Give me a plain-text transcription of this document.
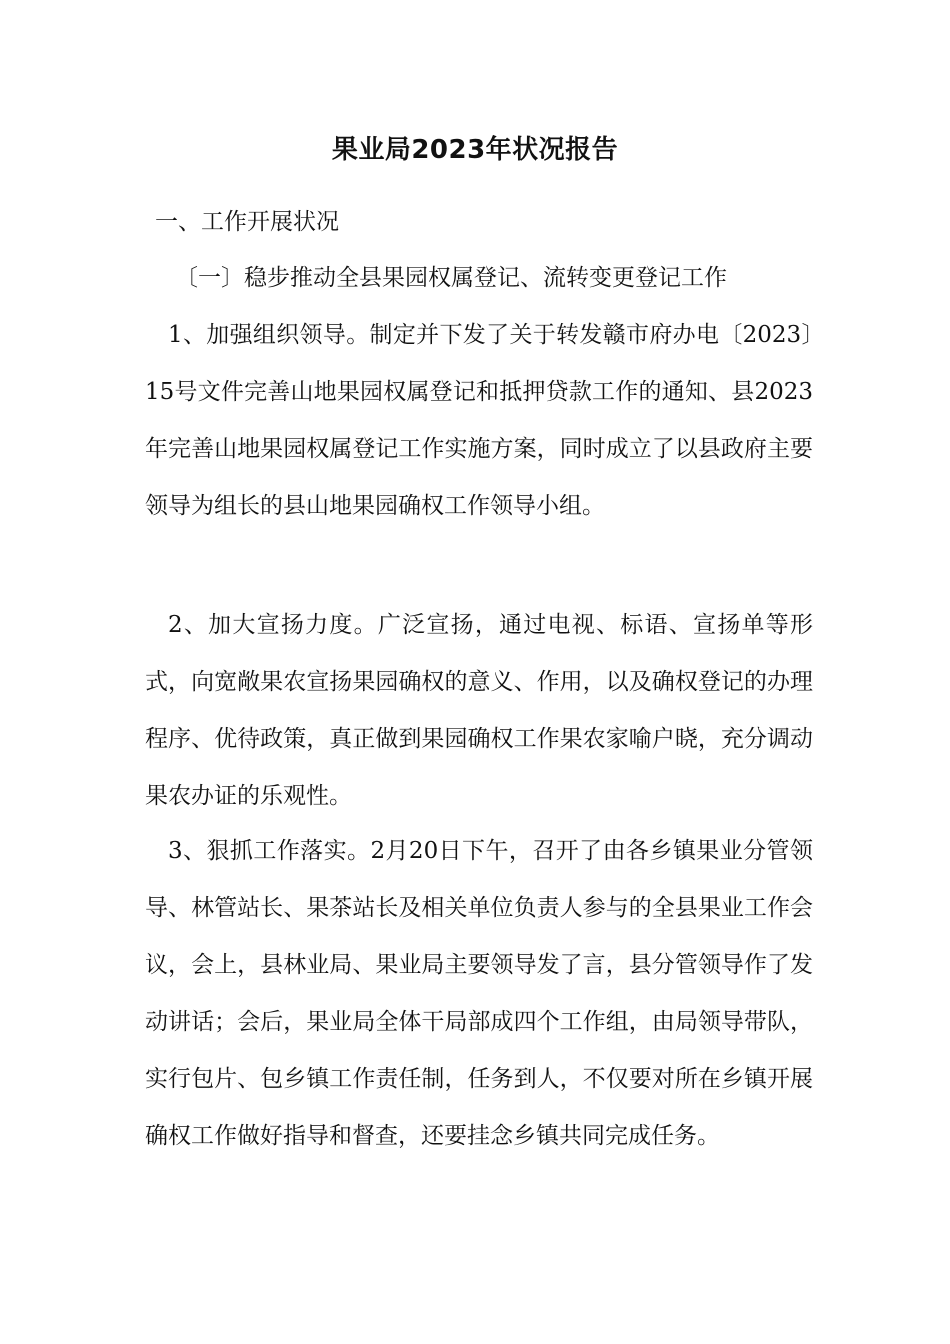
果业局2023年状况报告
一、工作开展状况
〔一〕稳步推动全县果园权属登记、流转变更登记工作
1、加强组织领导。制定并下发了关于转发赣市府办电〔2023〕15号文件完善山地果园权属登记和抵押贷款工作的通知、县2023年完善山地果园权属登记工作实施方案，同时成立了以县政府主要领导为组长的县山地果园确权工作领导小组。
2、加大宣扬力度。广泛宣扬，通过电视、标语、宣扬单等形式，向宽敞果农宣扬果园确权的意义、作用，以及确权登记的办理程序、优待政策，真正做到果园确权工作果农家喻户晓，充分调动果农办证的乐观性。
3、狠抓工作落实。2月20日下午，召开了由各乡镇果业分管领导、林管站长、果茶站长及相关单位负责人参与的全县果业工作会议，会上，县林业局、果业局主要领导发了言，县分管领导作了发动讲话；会后，果业局全体干局部成四个工作组，由局领导带队，实行包片、包乡镇工作责任制，任务到人，不仅要对所在乡镇开展确权工作做好指导和督查，还要挂念乡镇共同完成任务。
